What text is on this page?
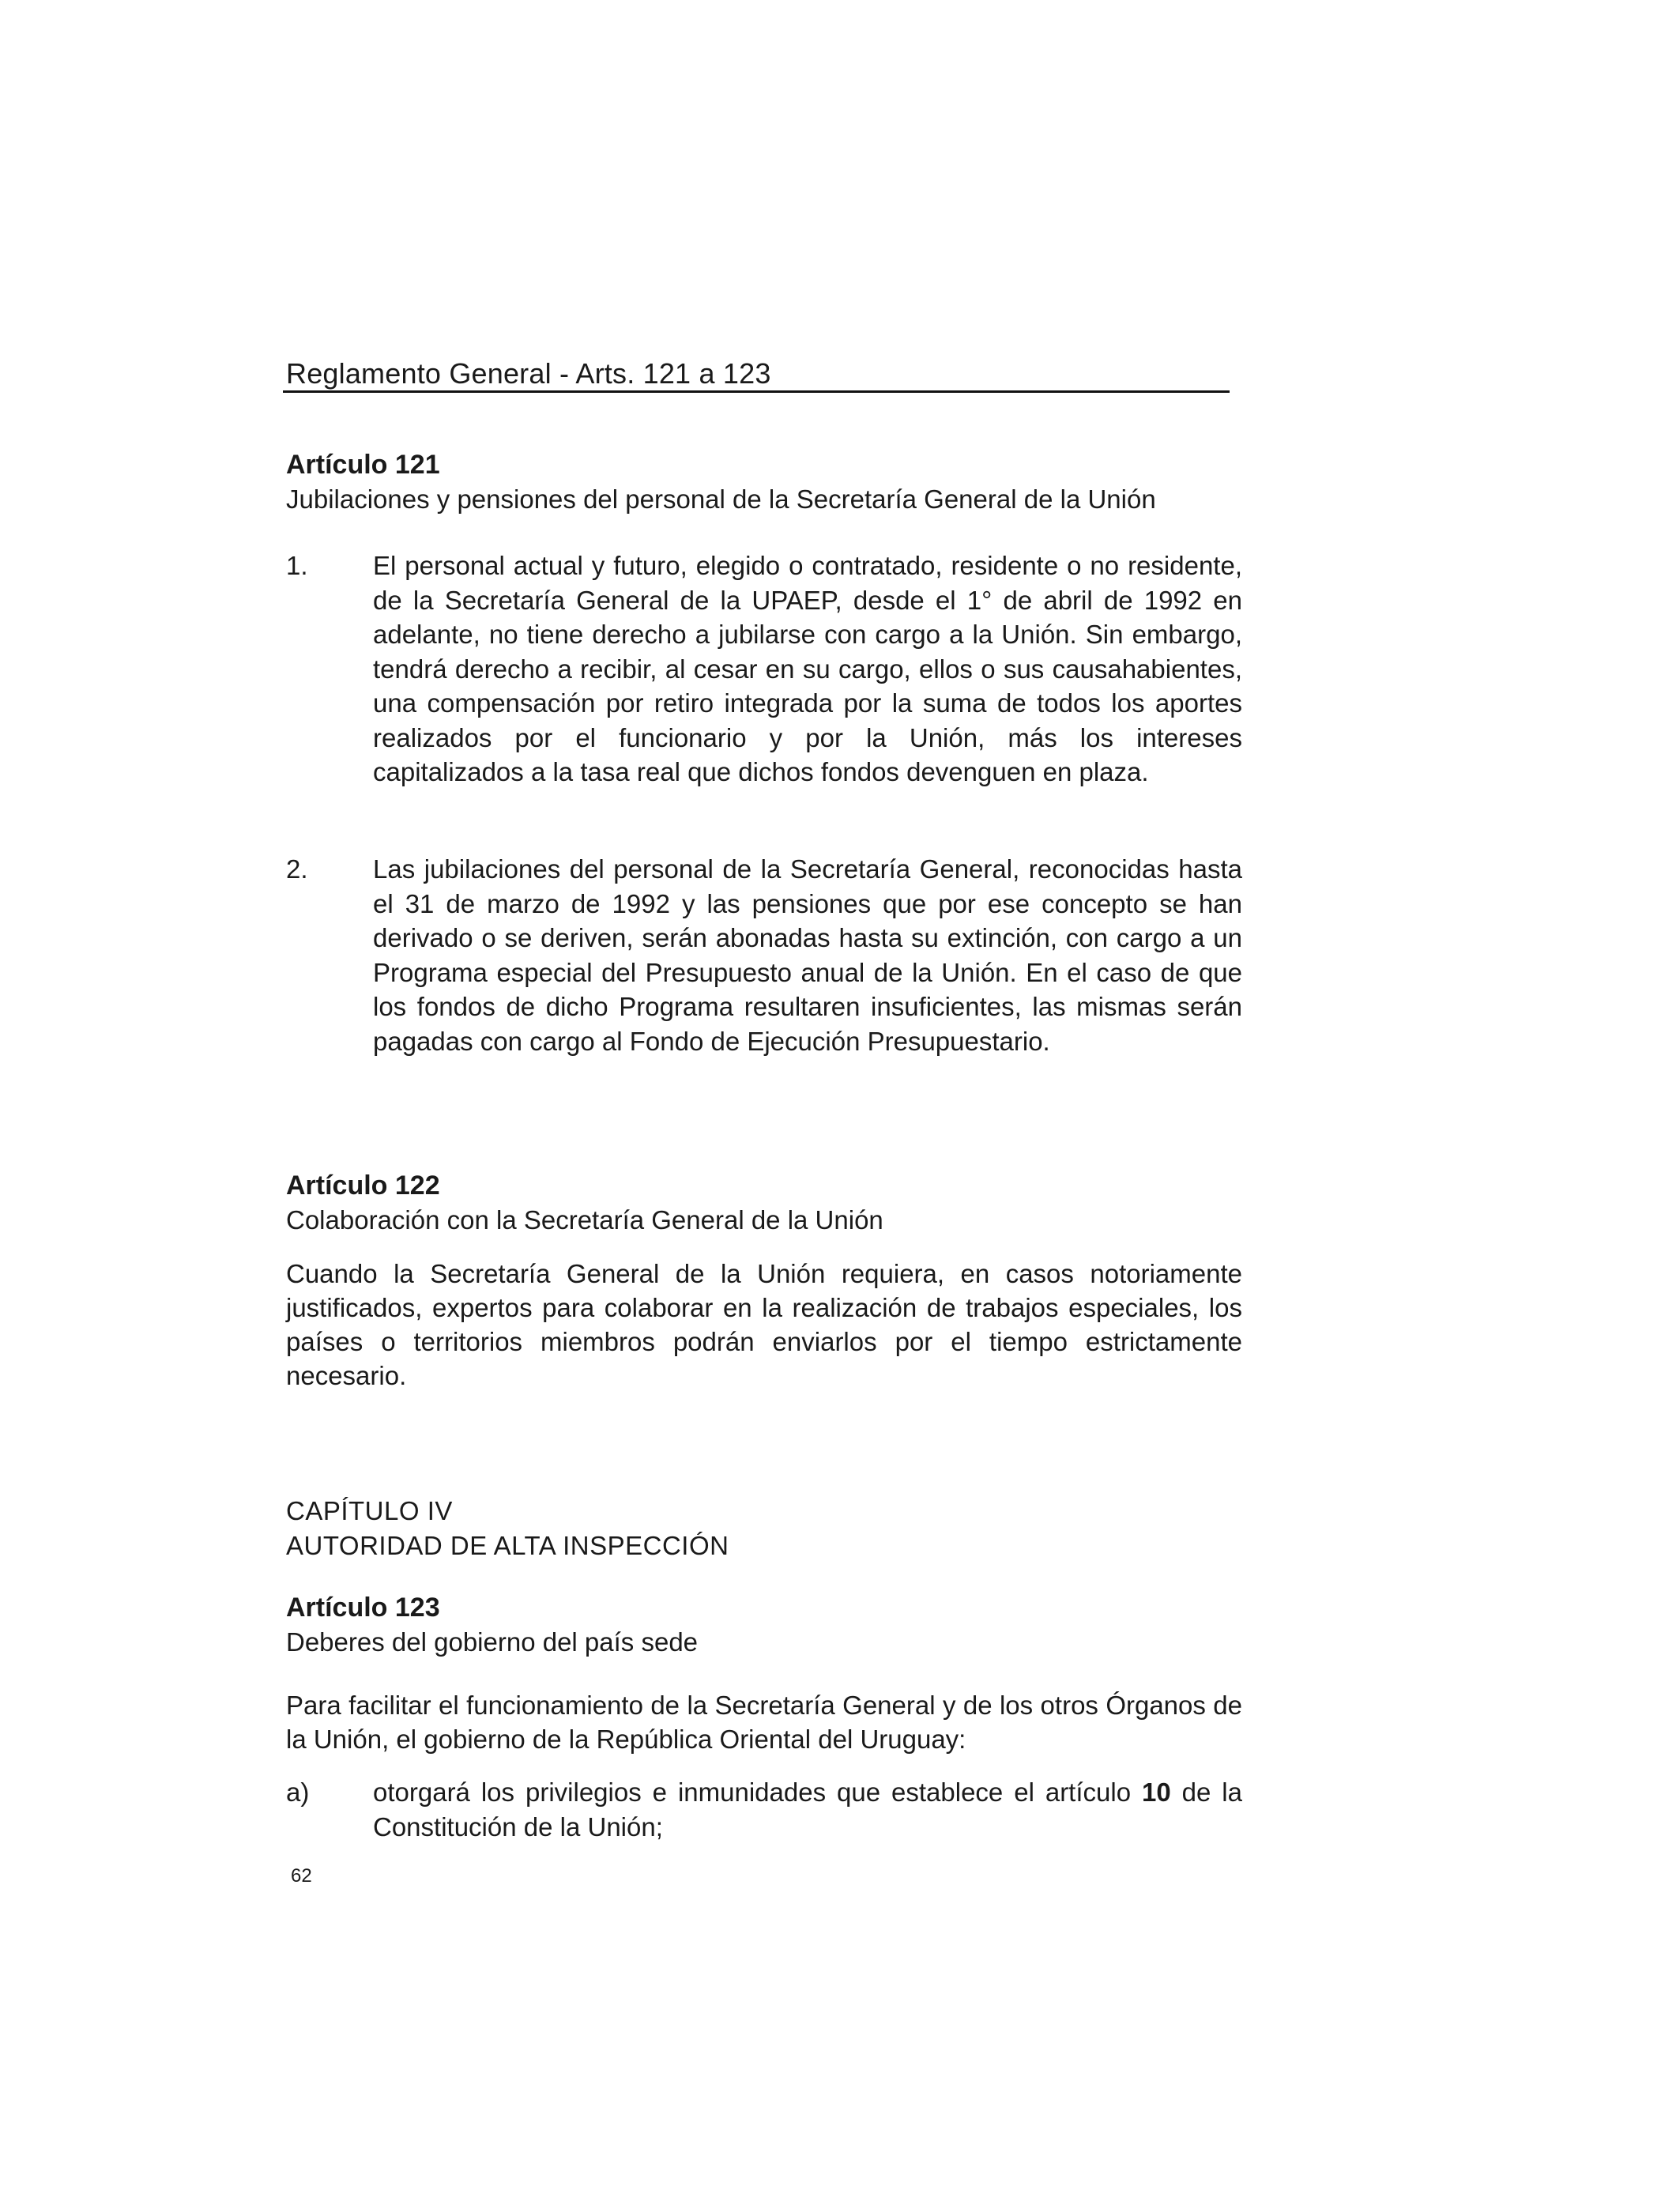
Reglamento General - Arts. 121 a 123
Artículo 121
Jubilaciones y pensiones del personal de la Secretaría General de la Unión
1.	El personal actual y futuro, elegido o contratado, residente o no residente, de la Secretaría General de la UPAEP, desde el 1° de abril de 1992 en adelante, no tiene derecho a jubilarse con cargo a la Unión. Sin embargo, tendrá derecho a recibir, al cesar en su cargo, ellos o sus causahabientes, una compensación por retiro integrada por la suma de todos los aportes realizados por el funcionario y por la Unión, más los intereses capitalizados a la tasa real que dichos fondos devenguen en plaza.
2.	Las jubilaciones del personal de la Secretaría General, reconocidas hasta el 31 de marzo de 1992 y las pensiones que por ese concepto se han derivado o se deriven, serán abonadas hasta su extinción, con cargo a un Programa especial del Presupuesto anual de la Unión. En el caso de que los fondos de dicho Programa resultaren insuficientes, las mismas serán pagadas con cargo al Fondo de Ejecución Presupuestario.
Artículo 122
Colaboración con la Secretaría General de la Unión
Cuando la Secretaría General de la Unión requiera, en casos notoriamente justificados, expertos para colaborar en la realización de trabajos especiales, los países o territorios miembros podrán enviarlos por el tiempo estrictamente necesario.
CAPÍTULO IV
AUTORIDAD DE ALTA INSPECCIÓN
Artículo 123
Deberes del gobierno del país sede
Para facilitar el funcionamiento de la Secretaría General y de los otros Órganos de la Unión, el gobierno de la República Oriental del Uruguay:
a)	otorgará los privilegios e inmunidades que establece el artículo 10 de la Constitución de la Unión;
62
